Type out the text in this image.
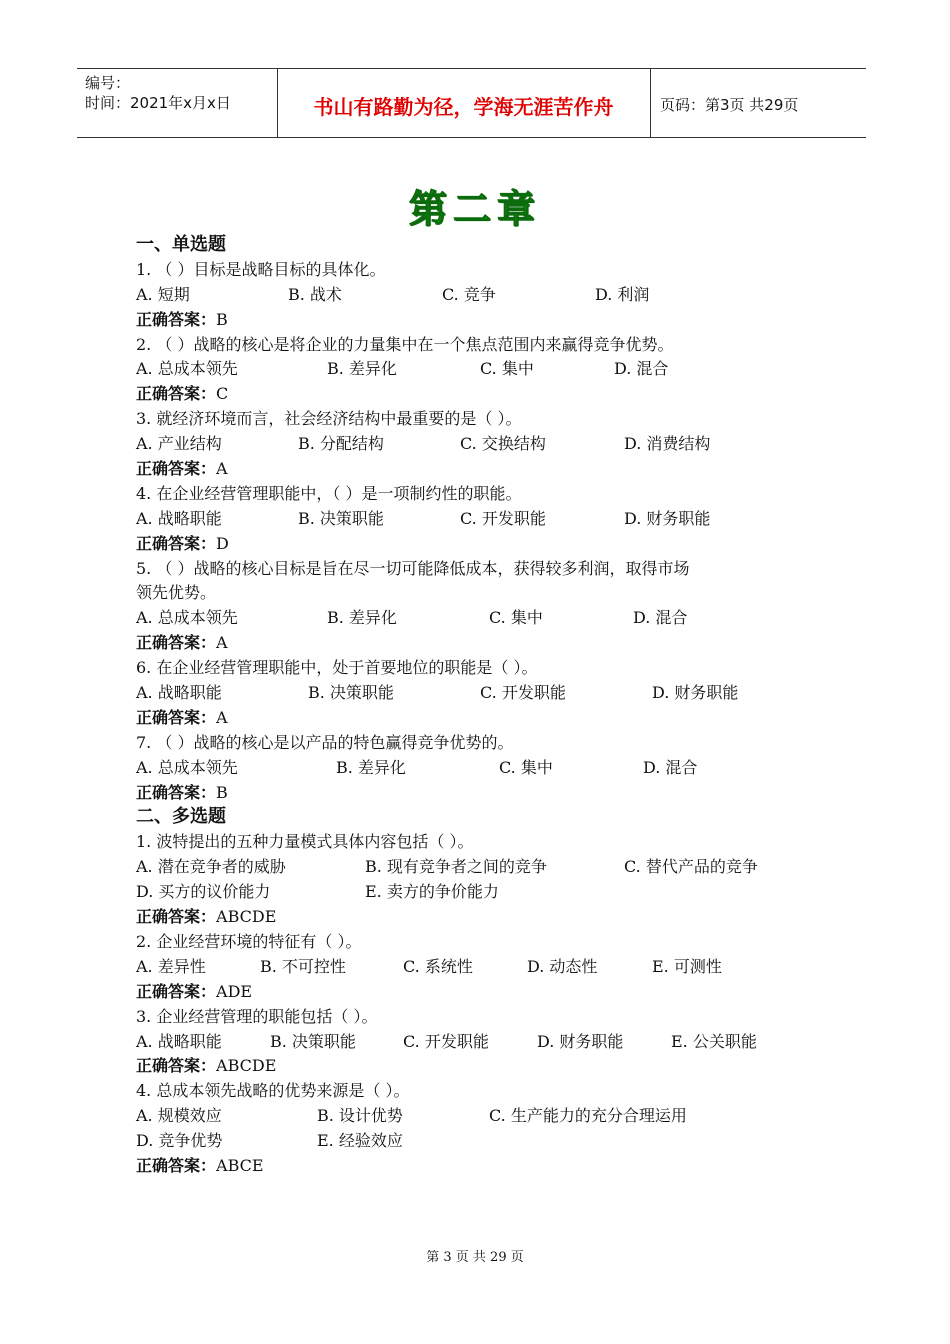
编号：
时间：2021年x月x日	书山有路勤为径，学海无涯苦作舟	页码：第3页 共29页
第二章
一、单选题
1. （ ）目标是战略目标的具体化。
A. 短期	B. 战术	C. 竞争	D. 利润
正确答案：B
2. （ ）战略的核心是将企业的力量集中在一个焦点范围内来赢得竞争优势。
A. 总成本领先	B. 差异化	C. 集中	D. 混合
正确答案：C
3. 就经济环境而言，社会经济结构中最重要的是（ ）。
A. 产业结构	B. 分配结构	C. 交换结构	D. 消费结构
正确答案：A
4. 在企业经营管理职能中，（ ）是一项制约性的职能。
A. 战略职能	B. 决策职能	C. 开发职能	D. 财务职能
正确答案：D
5. （ ）战略的核心目标是旨在尽一切可能降低成本，获得较多利润，取得市场
领先优势。
A. 总成本领先	B. 差异化	C. 集中	D. 混合
正确答案：A
6. 在企业经营管理职能中，处于首要地位的职能是（ ）。
A. 战略职能	B. 决策职能	C. 开发职能	D. 财务职能
正确答案：A
7. （ ）战略的核心是以产品的特色赢得竞争优势的。
A. 总成本领先	B. 差异化	C. 集中	D. 混合
正确答案：B
二、多选题
1. 波特提出的五种力量模式具体内容包括（ ）。
A. 潜在竞争者的威胁	B. 现有竞争者之间的竞争	C. 替代产品的竞争
D. 买方的议价能力	E. 卖方的争价能力
正确答案：ABCDE
2. 企业经营环境的特征有（ ）。
A. 差异性	B. 不可控性	C. 系统性	D. 动态性	E. 可测性
正确答案：ADE
3. 企业经营管理的职能包括（ ）。
A. 战略职能	B. 决策职能	C. 开发职能	D. 财务职能	E. 公关职能
正确答案：ABCDE
4. 总成本领先战略的优势来源是（ ）。
A. 规模效应	B. 设计优势	C. 生产能力的充分合理运用
D. 竞争优势	E. 经验效应
正确答案：ABCE
第 3 页 共 29 页
